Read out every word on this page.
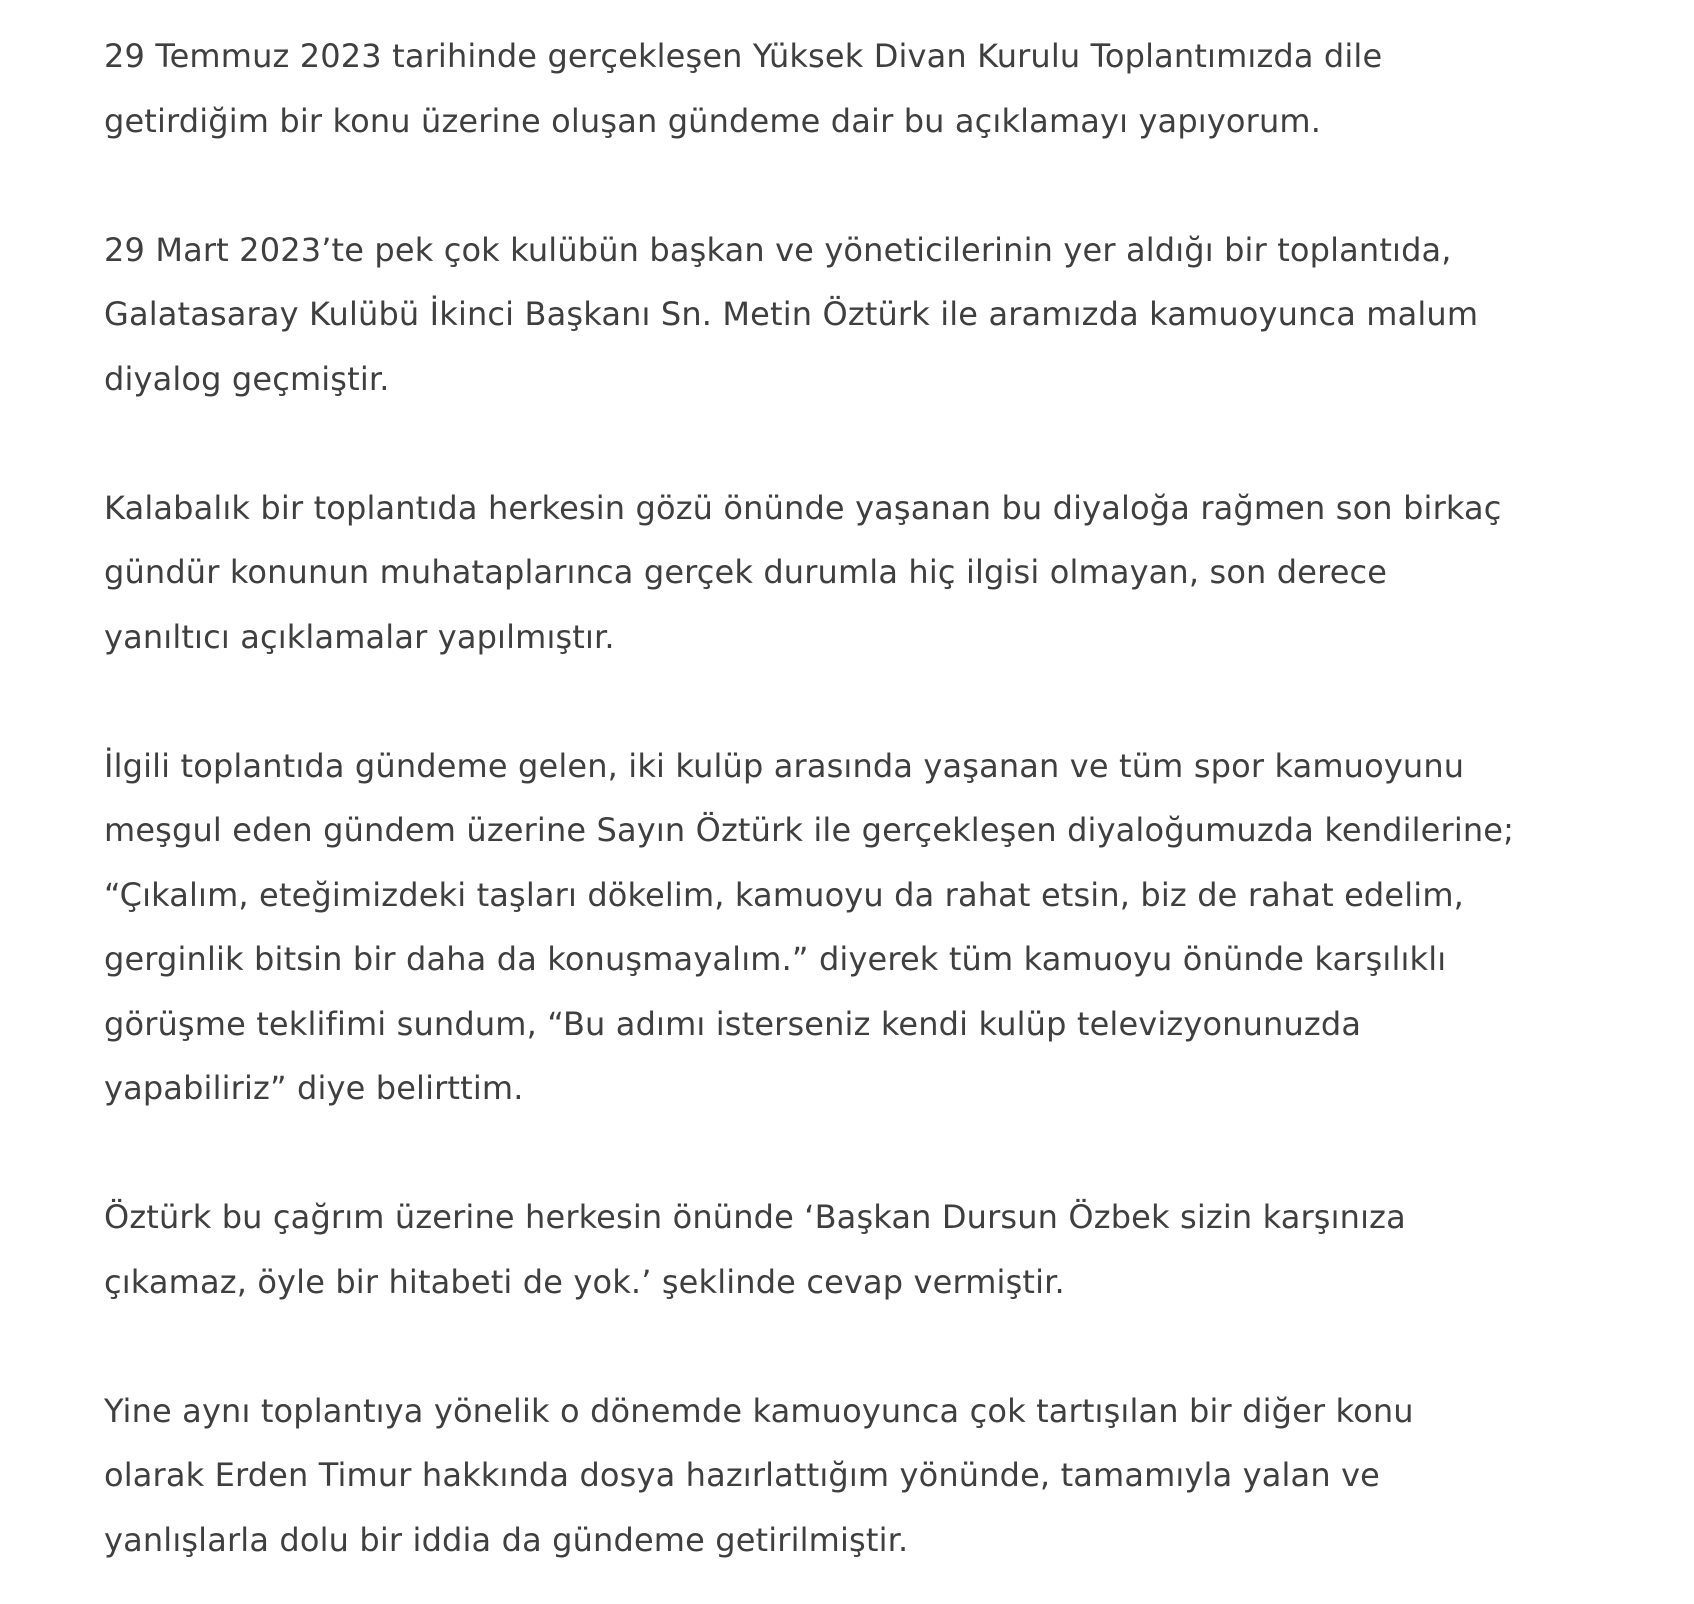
29 Temmuz 2023 tarihinde gerçekleşen Yüksek Divan Kurulu Toplantımızda dile
getirdiğim bir konu üzerine oluşan gündeme dair bu açıklamayı yapıyorum.

29 Mart 2023’te pek çok kulübün başkan ve yöneticilerinin yer aldığı bir toplantıda,
Galatasaray Kulübü İkinci Başkanı Sn. Metin Öztürk ile aramızda kamuoyunca malum
diyalog geçmiştir.

Kalabalık bir toplantıda herkesin gözü önünde yaşanan bu diyaloğa rağmen son birkaç
gündür konunun muhataplarınca gerçek durumla hiç ilgisi olmayan, son derece
yanıltıcı açıklamalar yapılmıştır.

İlgili toplantıda gündeme gelen, iki kulüp arasında yaşanan ve tüm spor kamuoyunu
meşgul eden gündem üzerine Sayın Öztürk ile gerçekleşen diyaloğumuzda kendilerine;
“Çıkalım, eteğimizdeki taşları dökelim, kamuoyu da rahat etsin, biz de rahat edelim,
gerginlik bitsin bir daha da konuşmayalım.” diyerek tüm kamuoyu önünde karşılıklı
görüşme teklifimi sundum, “Bu adımı isterseniz kendi kulüp televizyonunuzda
yapabiliriz” diye belirttim.

Öztürk bu çağrım üzerine herkesin önünde ‘Başkan Dursun Özbek sizin karşınıza
çıkamaz, öyle bir hitabeti de yok.’ şeklinde cevap vermiştir.

Yine aynı toplantıya yönelik o dönemde kamuoyunca çok tartışılan bir diğer konu
olarak Erden Timur hakkında dosya hazırlattığım yönünde, tamamıyla yalan ve
yanlışlarla dolu bir iddia da gündeme getirilmiştir.
